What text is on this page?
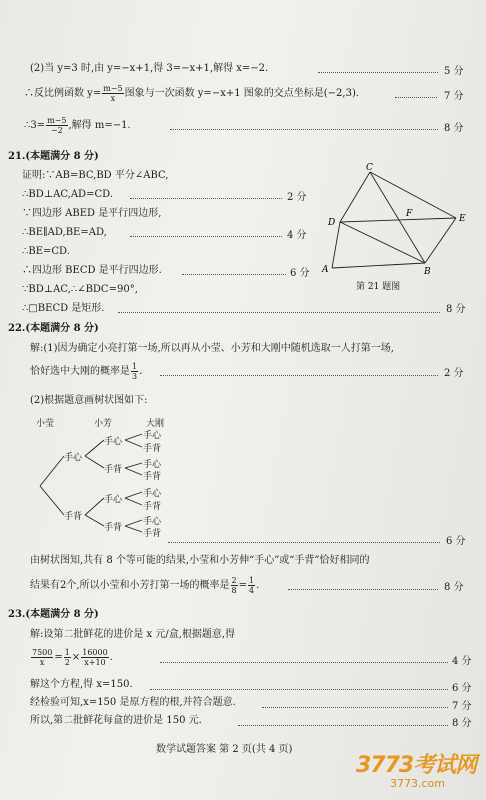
(2)当 y=3 时,由 y=−x+1,得 3=−x+1,解得 x=−2.	5 分
∴反比例函数 $y= \frac{m-5}{x}$ 图象与一次函数 y=−x+1 图象的交点坐标是(−2,3).	7 分
∴3= $\frac{m-5}{-2}$ ,解得 m=−1.	8 分
21.(本题满分 8 分)
证明:∵AB=BC,BD 平分∠ABC,
∴BD⊥AC,AD=CD.	2 分
∵四边形 ABED 是平行四边形,
∴BE∥AD,BE=AD,	4 分
∴BE=CD.
∴四边形 BECD 是平行四边形.	6 分
∵BD⊥AC,∴∠BDC=90°,
∴□BECD 是矩形.	8 分
C
D
F	E
A	B
第 21 题图
22.(本题满分 8 分)
解:(1)因为确定小亮打第一场,所以再从小莹、小芳和大刚中随机选取一人打第一场,
恰好选中大刚的概率是 $\frac{1}{3}$ .	2 分
(2)根据题意画树状图如下:
小莹	小芳	大刚
手心
手背
手心
手背
手心
手背
手心
手背
手心
手背
手心
手背
手心
手背
6 分
由树状图知,共有 8 个等可能的结果,小莹和小芳伸“手心”或“手背”恰好相同的
结果有2个,所以小莹和小芳打第一场的概率是 $\frac{2}{8} = \frac{1}{4}$ .	8 分
23.(本题满分 8 分)
解:设第二批鲜花的进价是 x 元/盒,根据题意,得
$\frac{7500}{x} = \frac{1}{2} \times \frac{16000}{x+10}$ .	4 分
解这个方程,得 x=150.	6 分
经检验可知,x=150 是原方程的根,并符合题意.	7 分
所以,第二批鲜花每盒的进价是 150 元.	8 分
数学试题答案 第 2 页(共 4 页)
3773考试网
3773.com
